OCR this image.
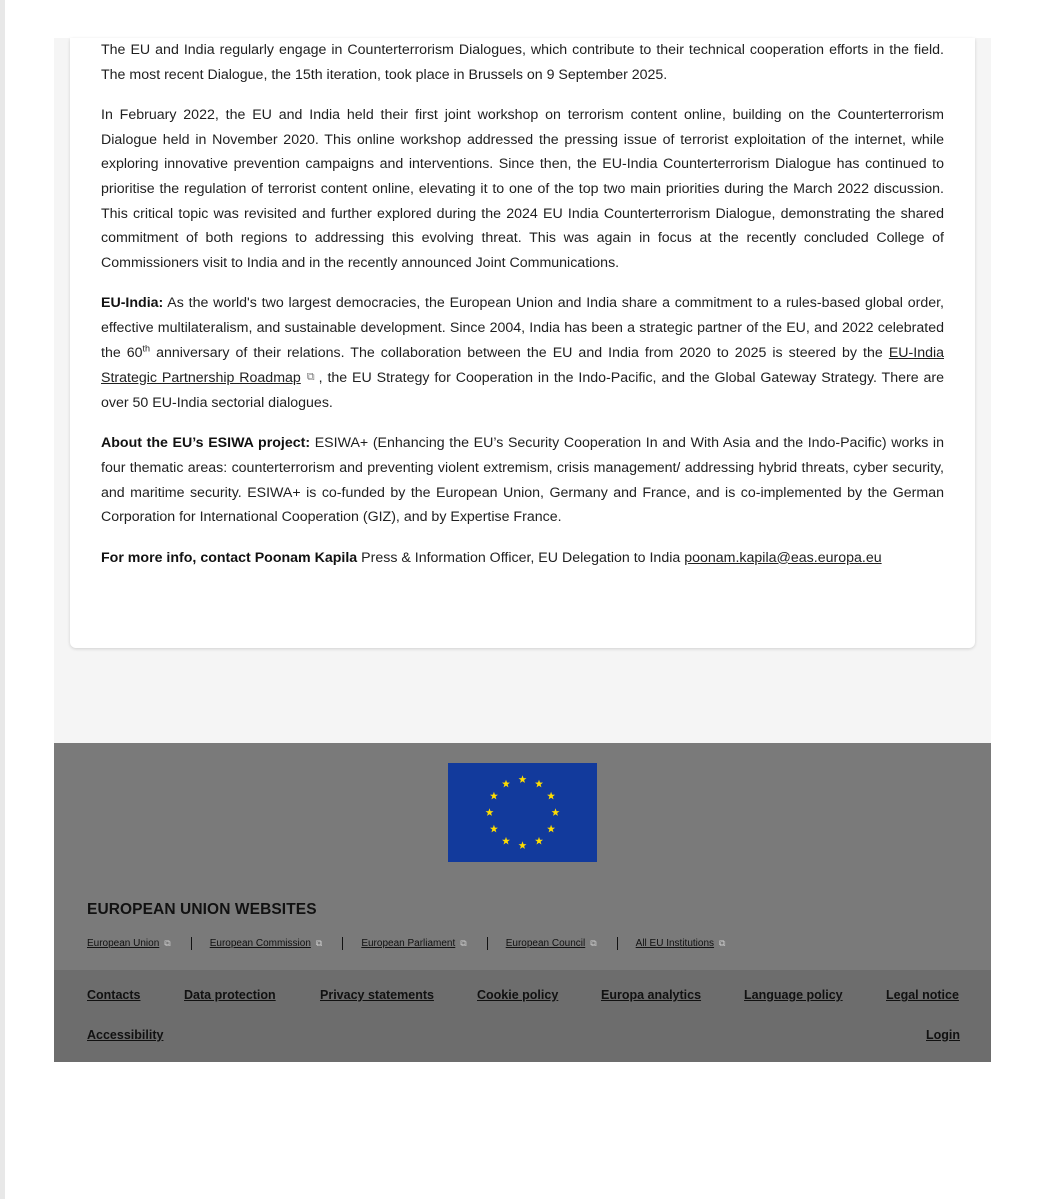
The EU and India regularly engage in Counterterrorism Dialogues, which contribute to their technical cooperation efforts in the field. The most recent Dialogue, the 15th iteration, took place in Brussels on 9 September 2025.

In February 2022, the EU and India held their first joint workshop on terrorism content online, building on the Counterterrorism Dialogue held in November 2020. This online workshop addressed the pressing issue of terrorist exploitation of the internet, while exploring innovative prevention campaigns and interventions. Since then, the EU-India Counterterrorism Dialogue has continued to prioritise the regulation of terrorist content online, elevating it to one of the top two main priorities during the March 2022 discussion. This critical topic was revisited and further explored during the 2024 EU India Counterterrorism Dialogue, demonstrating the shared commitment of both regions to addressing this evolving threat. This was again in focus at the recently concluded College of Commissioners visit to India and in the recently announced Joint Communications.

EU-India: As the world's two largest democracies, the European Union and India share a commitment to a rules-based global order, effective multilateralism, and sustainable development. Since 2004, India has been a strategic partner of the EU, and 2022 celebrated the 60th anniversary of their relations. The collaboration between the EU and India from 2020 to 2025 is steered by the EU-India Strategic Partnership Roadmap ⧉ , the EU Strategy for Cooperation in the Indo-Pacific, and the Global Gateway Strategy. There are over 50 EU-India sectorial dialogues.

About the EU’s ESIWA project: ESIWA+ (Enhancing the EU’s Security Cooperation In and With Asia and the Indo-Pacific) works in four thematic areas: counterterrorism and preventing violent extremism, crisis management/ addressing hybrid threats, cyber security, and maritime security. ESIWA+ is co-funded by the European Union, Germany and France, and is co-implemented by the German Corporation for International Cooperation (GIZ), and by Expertise France.

For more info, contact Poonam Kapila Press & Information Officer, EU Delegation to India poonam.kapila@eas.europa.eu

EUROPEAN UNION WEBSITES
European Union ⧉	European Commission ⧉	European Parliament ⧉	European Council ⧉	All EU Institutions ⧉
Contacts	Data protection	Privacy statements	Cookie policy	Europa analytics	Language policy	Legal notice
Accessibility	Login
